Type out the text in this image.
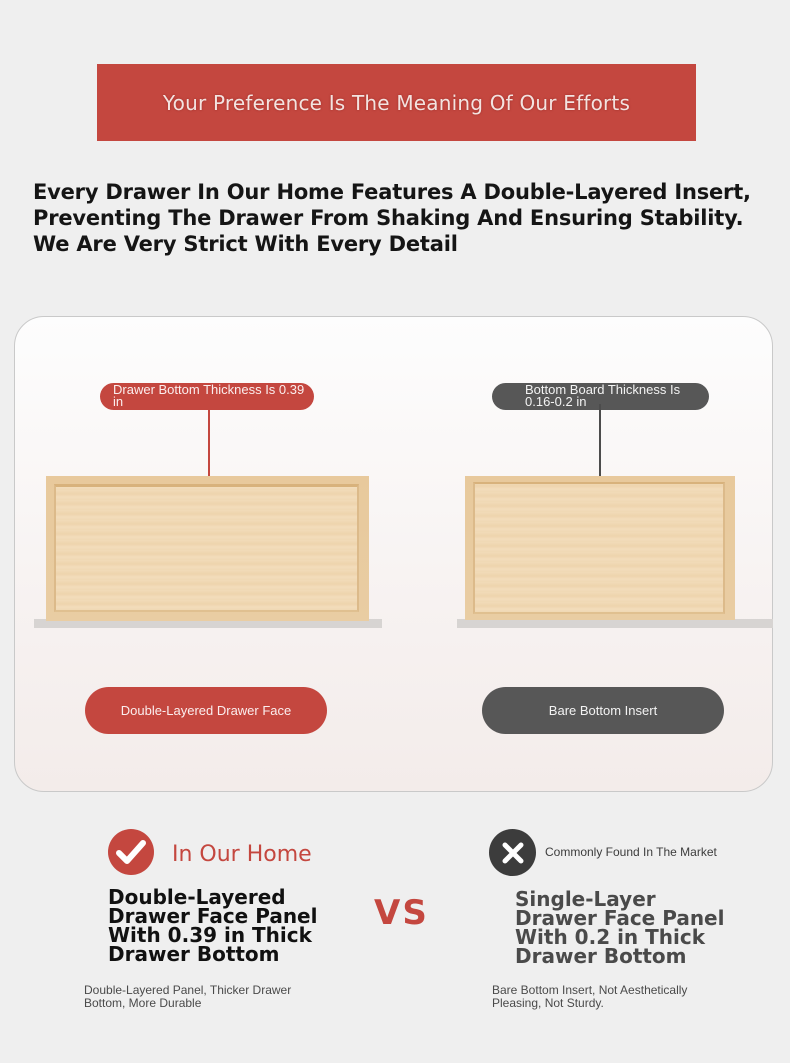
Your Preference Is The Meaning Of Our Efforts
Every Drawer In Our Home Features A Double-Layered Insert, Preventing The Drawer From Shaking And Ensuring Stability. We Are Very Strict With Every Detail
Drawer Bottom Thickness Is 0.39 in
Bottom Board Thickness Is 0.16-0.2 in
Double-Layered Drawer Face	Bare Bottom Insert
In Our Home
Double-Layered Drawer Face Panel With 0.39 in Thick Drawer Bottom
Double-Layered Panel, Thicker Drawer Bottom, More Durable
VS
Commonly Found In The Market
Single-Layer Drawer Face Panel With 0.2 in Thick Drawer Bottom
Bare Bottom Insert, Not Aesthetically Pleasing, Not Sturdy.
